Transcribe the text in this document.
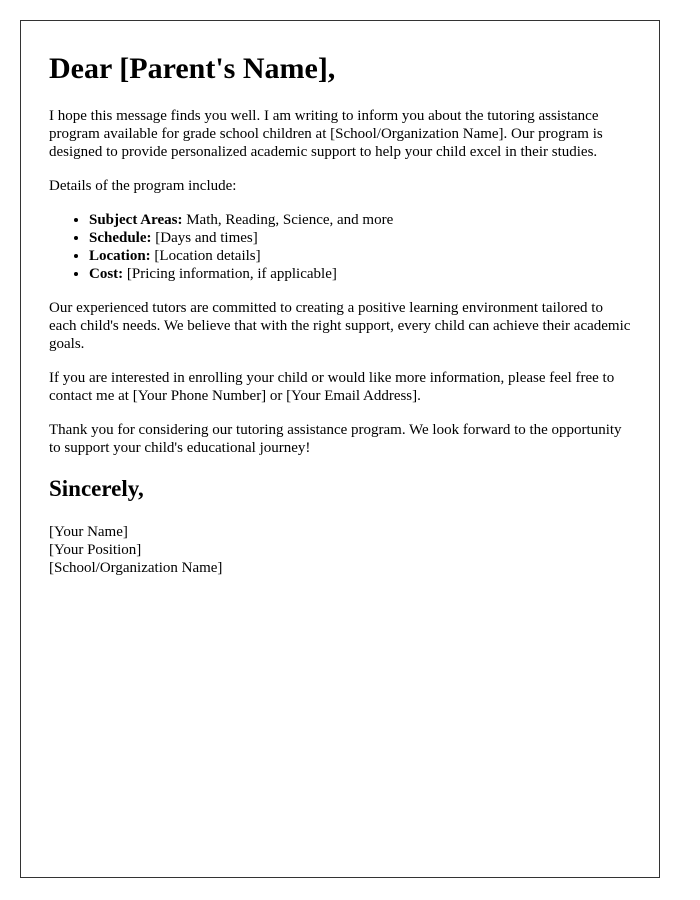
Dear [Parent's Name],

I hope this message finds you well. I am writing to inform you about the tutoring assistance program available for grade school children at [School/Organization Name]. Our program is designed to provide personalized academic support to help your child excel in their studies.

Details of the program include:

• Subject Areas: Math, Reading, Science, and more
• Schedule: [Days and times]
• Location: [Location details]
• Cost: [Pricing information, if applicable]

Our experienced tutors are committed to creating a positive learning environment tailored to each child's needs. We believe that with the right support, every child can achieve their academic goals.

If you are interested in enrolling your child or would like more information, please feel free to contact me at [Your Phone Number] or [Your Email Address].

Thank you for considering our tutoring assistance program. We look forward to the opportunity to support your child's educational journey!

Sincerely,

[Your Name]

[Your Position]

[School/Organization Name]
